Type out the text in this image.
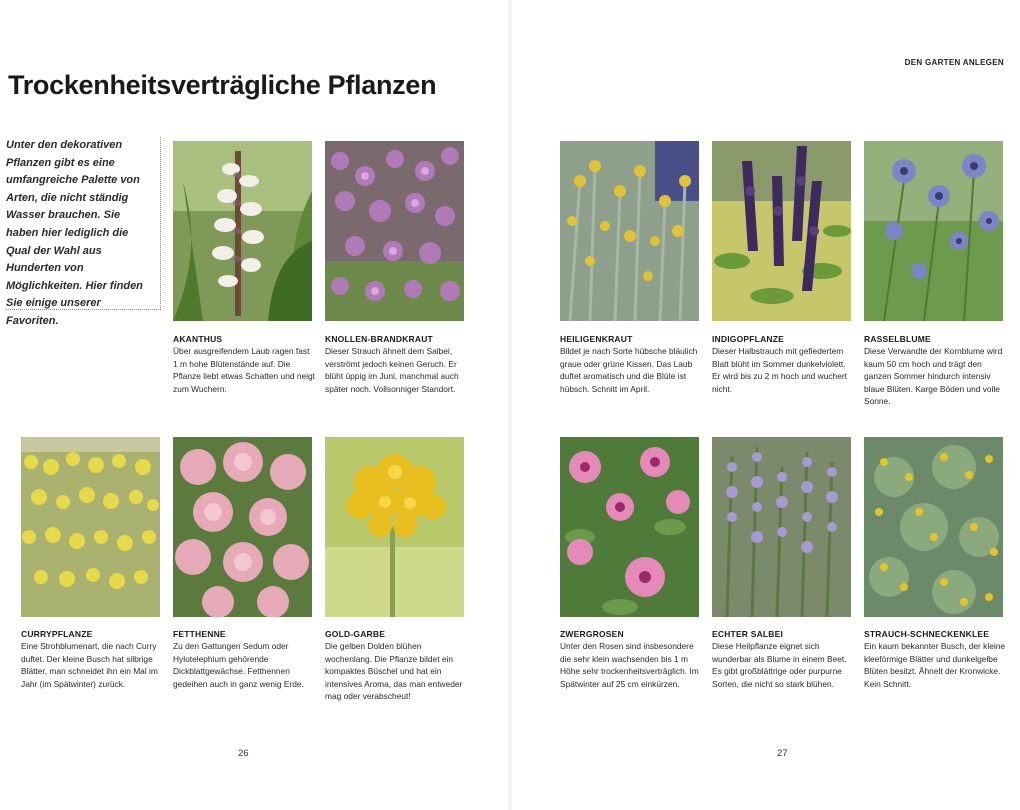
DEN GARTEN ANLEGEN
Trockenheitsverträgliche Pflanzen

Unter den dekorativen Pflanzen gibt es eine umfangreiche Palette von Arten, die nicht ständig Wasser brauchen. Sie haben hier lediglich die Qual der Wahl aus Hunderten von Möglichkeiten. Hier finden Sie einige unserer Favoriten.

AKANTHUS

Über ausgreifendem Laub ragen fast 1 m hohe Blütenstände auf. Die Pflanze liebt etwas Schatten und neigt zum Wuchern.

KNOLLEN-BRANDKRAUT

Dieser Strauch ähnelt dem Salbei, verströmt jedoch keinen Geruch. Er blüht üppig im Juni, manchmal auch später noch. Vollsonniger Standort.

HEILIGENKRAUT

Bildet je nach Sorte hübsche bläulich graue oder grüne Kissen. Das Laub duftet aromatisch und die Blüte ist hübsch. Schnitt im April.

INDIGOPFLANZE

Dieser Halbstrauch mit gefiedertem Blatt blüht im Sommer dunkelviolett. Er wird bis zu 2 m hoch und wuchert nicht.

RASSELBLUME

Diese Verwandte der Kornblume wird kaum 50 cm hoch und trägt den ganzen Sommer hindurch intensiv blaue Blüten. Karge Böden und volle Sonne.

CURRYPFLANZE

Eine Strohblumenart, die nach Curry duftet. Der kleine Busch hat silbrige Blätter, man schneidet ihn ein Mal im Jahr (im Spätwinter) zurück.

FETTHENNE

Zu den Gattungen Sedum oder Hylotelephium gehörende Dickblattgewächse. Fetthennen gedeihen auch in ganz wenig Erde.

GOLD-GARBE

Die gelben Dolden blühen wochenlang. Die Pflanze bildet ein kompaktes Büschel und hat ein intensives Aroma, das man entweder mag oder verabscheut!

ZWERGROSEN

Unter den Rosen sind insbesondere die sehr klein wachsenden bis 1 m Höhe sehr trockenheitsverträglich. Im Spätwinter auf 25 cm einkürzen.

ECHTER SALBEI

Diese Heilpflanze eignet sich wunderbar als Blume in einem Beet. Es gibt großblättrige oder purpurne Sorten, die nicht so stark blühen.

STRAUCH-SCHNECKENKLEE

Ein kaum bekannter Busch, der kleine kleeförmige Blätter und dunkelgelbe Blüten besitzt. Ähnelt der Kronwicke. Kein Schnitt.

26	27
